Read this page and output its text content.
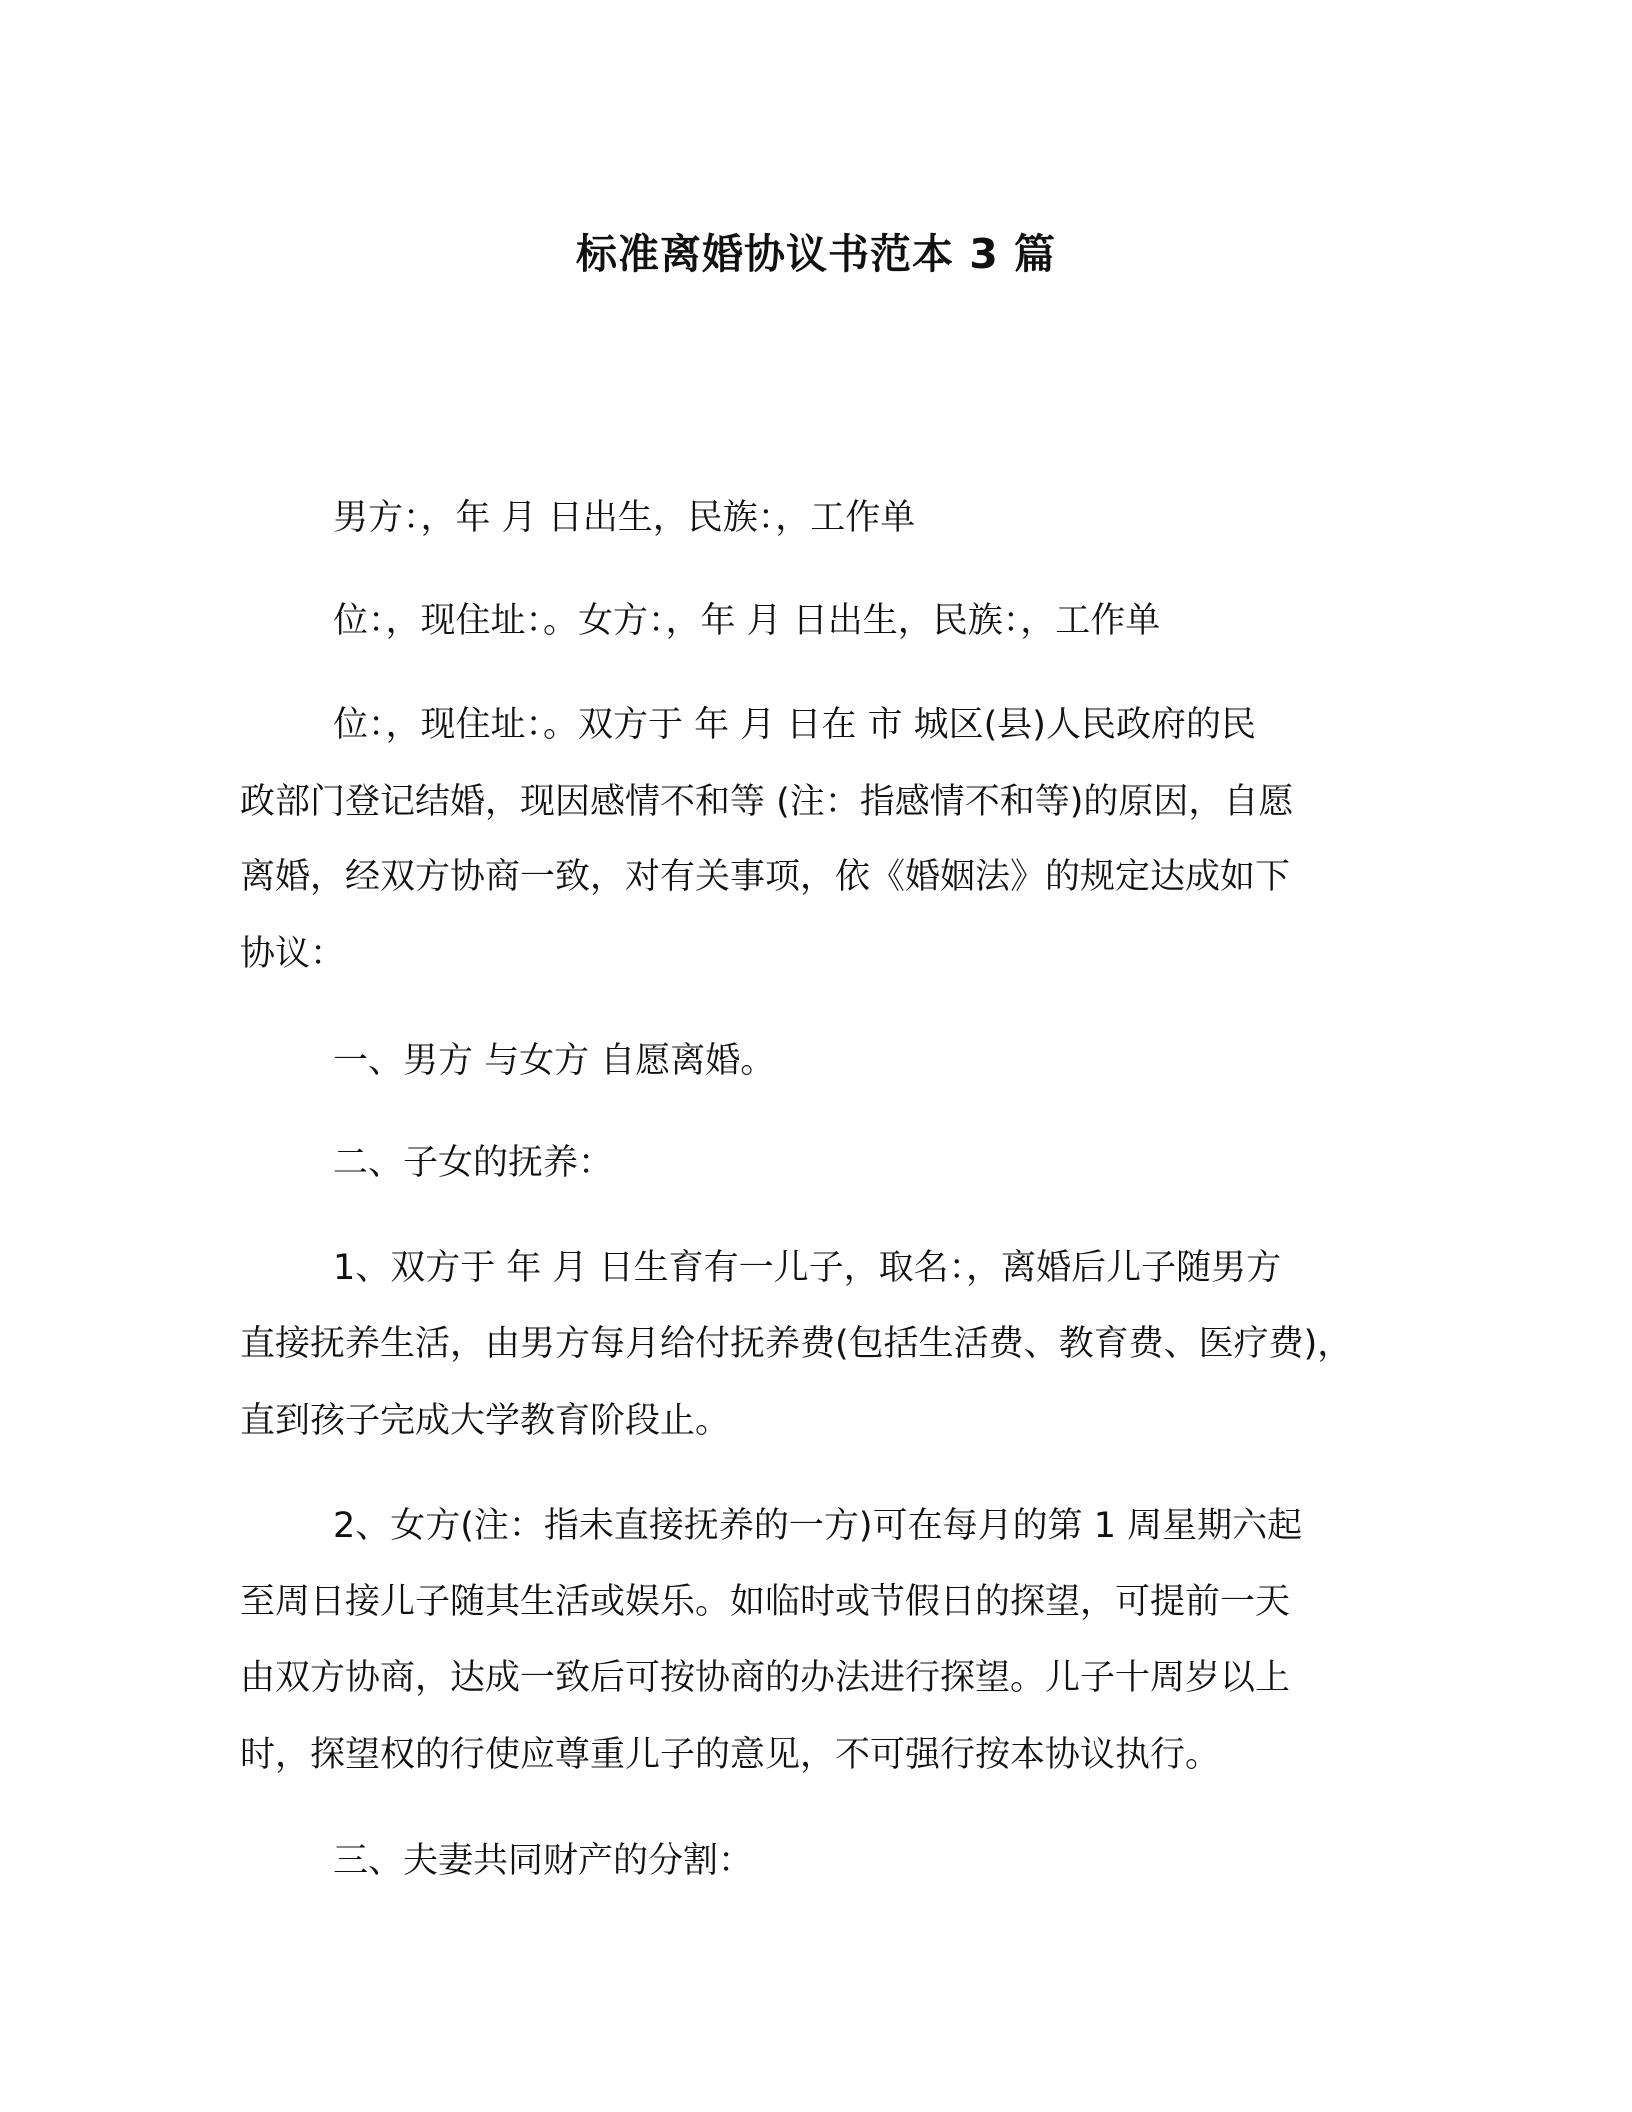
标准离婚协议书范本 3 篇
男方：，年 月 日出生，民族：，工作单
位：，现住址：。女方：，年 月 日出生，民族：，工作单
位：，现住址：。双方于 年 月 日在 市 城区(县)人民政府的民
政部门登记结婚，现因感情不和等 (注：指感情不和等)的原因，自愿
离婚，经双方协商一致，对有关事项，依《婚姻法》的规定达成如下
协议：
一、男方 与女方 自愿离婚。
二、子女的抚养：
1、双方于 年 月 日生育有一儿子，取名：，离婚后儿子随男方
直接抚养生活，由男方每月给付抚养费(包括生活费、教育费、医疗费)，
直到孩子完成大学教育阶段止。
2、女方(注：指未直接抚养的一方)可在每月的第 1 周星期六起
至周日接儿子随其生活或娱乐。如临时或节假日的探望，可提前一天
由双方协商，达成一致后可按协商的办法进行探望。儿子十周岁以上
时，探望权的行使应尊重儿子的意见，不可强行按本协议执行。
三、夫妻共同财产的分割：
